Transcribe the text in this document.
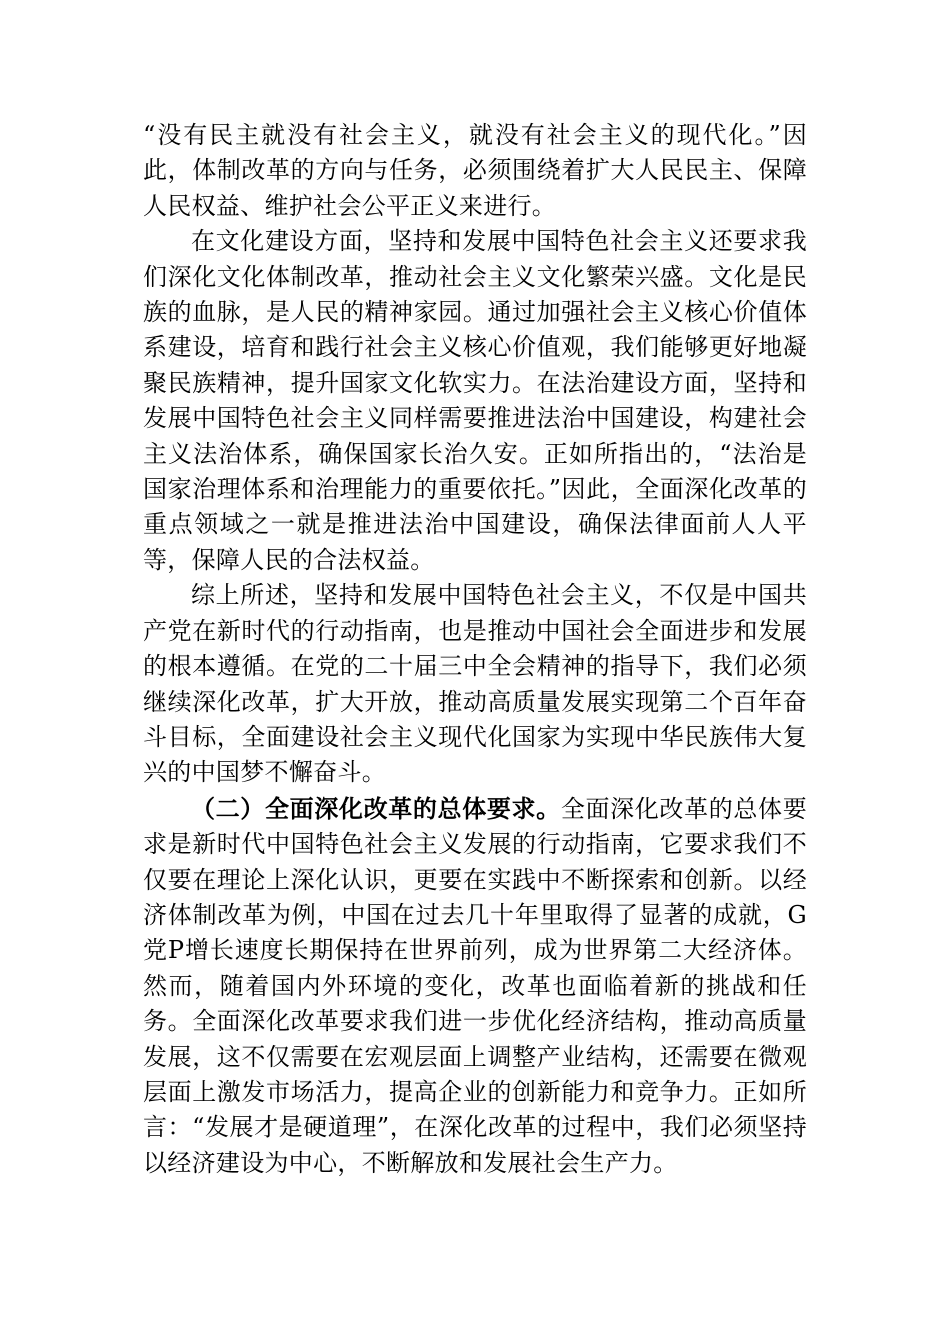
“没有民主就没有社会主义，就没有社会主义的现代化。”因此，体制改革的方向与任务，必须围绕着扩大人民民主、保障人民权益、维护社会公平正义来进行。

在文化建设方面，坚持和发展中国特色社会主义还要求我们深化文化体制改革，推动社会主义文化繁荣兴盛。文化是民族的血脉，是人民的精神家园。通过加强社会主义核心价值体系建设，培育和践行社会主义核心价值观，我们能够更好地凝聚民族精神，提升国家文化软实力。在法治建设方面，坚持和发展中国特色社会主义同样需要推进法治中国建设，构建社会主义法治体系，确保国家长治久安。正如所指出的，“法治是国家治理体系和治理能力的重要依托。”因此，全面深化改革的重点领域之一就是推进法治中国建设，确保法律面前人人平等，保障人民的合法权益。

综上所述，坚持和发展中国特色社会主义，不仅是中国共产党在新时代的行动指南，也是推动中国社会全面进步和发展的根本遵循。在党的二十届三中全会精神的指导下，我们必须继续深化改革，扩大开放，推动高质量发展实现第二个百年奋斗目标，全面建设社会主义现代化国家为实现中华民族伟大复兴的中国梦不懈奋斗。

（二）全面深化改革的总体要求。全面深化改革的总体要求是新时代中国特色社会主义发展的行动指南，它要求我们不仅要在理论上深化认识，更要在实践中不断探索和创新。以经济体制改革为例，中国在过去几十年里取得了显著的成就，G党P增长速度长期保持在世界前列，成为世界第二大经济体。然而，随着国内外环境的变化，改革也面临着新的挑战和任务。全面深化改革要求我们进一步优化经济结构，推动高质量发展，这不仅需要在宏观层面上调整产业结构，还需要在微观层面上激发市场活力，提高企业的创新能力和竞争力。正如所言：“发展才是硬道理”，在深化改革的过程中，我们必须坚持以经济建设为中心，不断解放和发展社会生产力。
